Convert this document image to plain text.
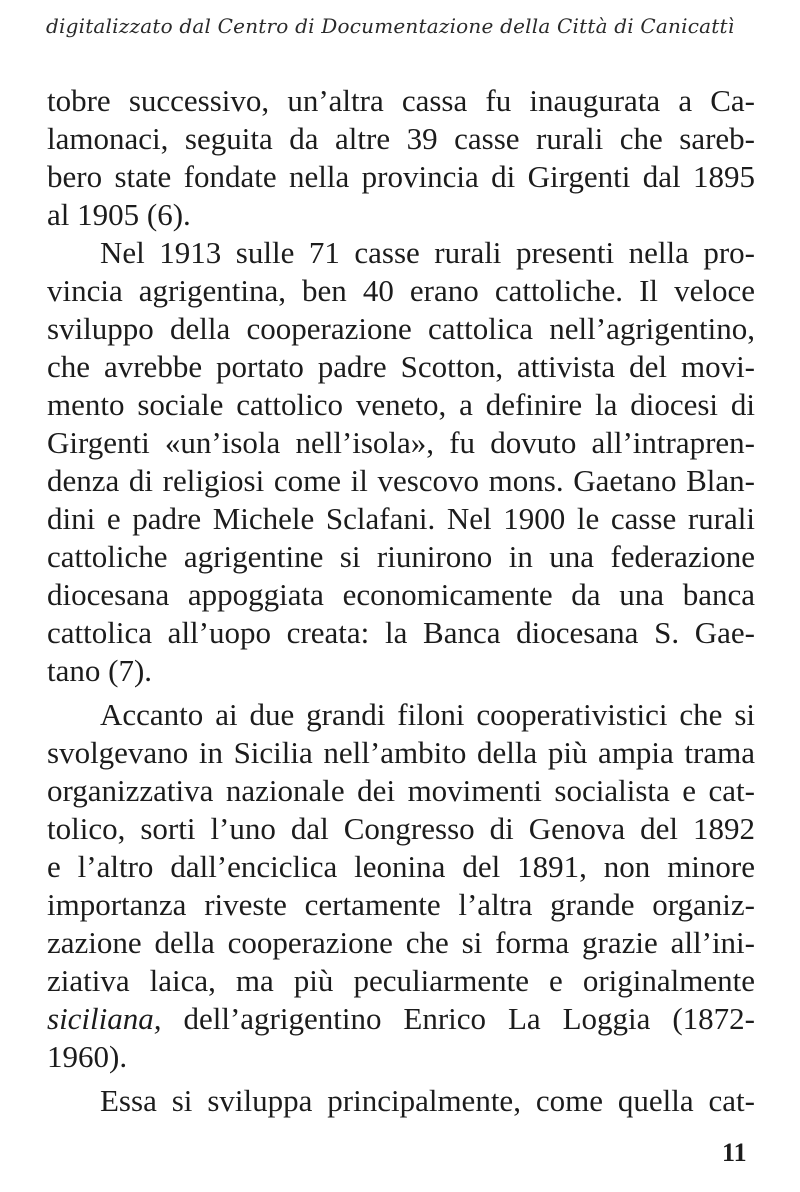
digitalizzato dal Centro di Documentazione della Città di Canicattì
tobre successivo, un’altra cassa fu inaugurata a Ca-
lamonaci, seguita da altre 39 casse rurali che sareb-
bero state fondate nella provincia di Girgenti dal 1895
al 1905 (6).
Nel 1913 sulle 71 casse rurali presenti nella pro-
vincia agrigentina, ben 40 erano cattoliche. Il veloce
sviluppo della cooperazione cattolica nell’agrigentino,
che avrebbe portato padre Scotton, attivista del movi-
mento sociale cattolico veneto, a definire la diocesi di
Girgenti «un’isola nell’isola», fu dovuto all’intrapren-
denza di religiosi come il vescovo mons. Gaetano Blan-
dini e padre Michele Sclafani. Nel 1900 le casse rurali
cattoliche agrigentine si riunirono in una federazione
diocesana appoggiata economicamente da una banca
cattolica all’uopo creata: la Banca diocesana S. Gae-
tano (7).
Accanto ai due grandi filoni cooperativistici che si
svolgevano in Sicilia nell’ambito della più ampia trama
organizzativa nazionale dei movimenti socialista e cat-
tolico, sorti l’uno dal Congresso di Genova del 1892
e l’altro dall’enciclica leonina del 1891, non minore
importanza riveste certamente l’altra grande organiz-
zazione della cooperazione che si forma grazie all’ini-
ziativa laica, ma più peculiarmente e originalmente
siciliana, dell’agrigentino Enrico La Loggia (1872-
1960).
Essa si sviluppa principalmente, come quella cat-
11
